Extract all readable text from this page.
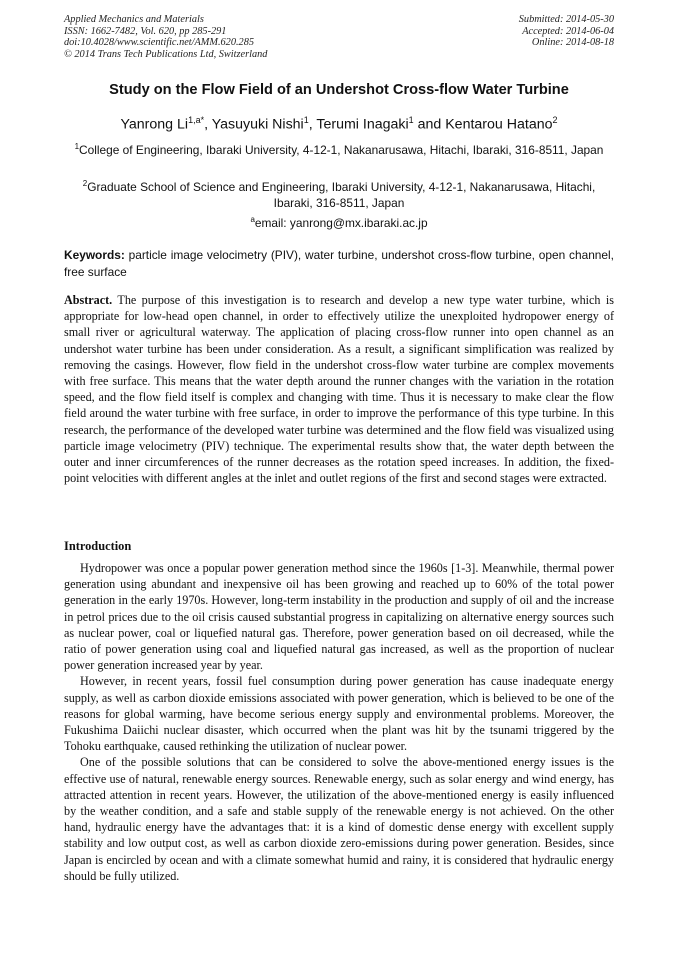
Applied Mechanics and Materials
ISSN: 1662-7482, Vol. 620, pp 285-291
doi:10.4028/www.scientific.net/AMM.620.285
© 2014 Trans Tech Publications Ltd, Switzerland
Submitted: 2014-05-30
Accepted: 2014-06-04
Online: 2014-08-18
Study on the Flow Field of an Undershot Cross-flow Water Turbine
Yanrong $Li^{1,a*}$, Yasuyuki Nishi$^1$, Terumi Inagaki$^1$ and Kentarou Hatano$^2$
$^1$College of Engineering, Ibaraki University, 4-12-1, Nakanarusawa, Hitachi, Ibaraki, 316-8511, Japan
$^2$Graduate School of Science and Engineering, Ibaraki University, 4-12-1, Nakanarusawa, Hitachi, Ibaraki, 316-8511, Japan
$^a$email: yanrong@mx.ibaraki.ac.jp
Keywords: particle image velocimetry (PIV), water turbine, undershot cross-flow turbine, open channel, free surface
Abstract. The purpose of this investigation is to research and develop a new type water turbine, which is appropriate for low-head open channel, in order to effectively utilize the unexploited hydropower energy of small river or agricultural waterway. The application of placing cross-flow runner into open channel as an undershot water turbine has been under consideration. As a result, a significant simplification was realized by removing the casings. However, flow field in the undershot cross-flow water turbine are complex movements with free surface. This means that the water depth around the runner changes with the variation in the rotation speed, and the flow field itself is complex and changing with time. Thus it is necessary to make clear the flow field around the water turbine with free surface, in order to improve the performance of this type turbine. In this research, the performance of the developed water turbine was determined and the flow field was visualized using particle image velocimetry (PIV) technique. The experimental results show that, the water depth between the outer and inner circumferences of the runner decreases as the rotation speed increases. In addition, the fixed-point velocities with different angles at the inlet and outlet regions of the first and second stages were extracted.
Introduction

Hydropower was once a popular power generation method since the 1960s [1-3]. Meanwhile, thermal power generation using abundant and inexpensive oil has been growing and reached up to 60% of the total power generation in the early 1970s. However, long-term instability in the production and supply of oil and the increase in petrol prices due to the oil crisis caused substantial progress in capitalizing on alternative energy sources such as nuclear power, coal or liquefied natural gas. Therefore, power generation based on oil decreased, while the ratio of power generation using coal and liquefied natural gas increased, as well as the proportion of nuclear power generation increased year by year.

However, in recent years, fossil fuel consumption during power generation has cause inadequate energy supply, as well as carbon dioxide emissions associated with power generation, which is believed to be one of the reasons for global warming, have become serious energy supply and environmental problems. Moreover, the Fukushima Daiichi nuclear disaster, which occurred when the plant was hit by the tsunami triggered by the Tohoku earthquake, caused rethinking the utilization of nuclear power.

One of the possible solutions that can be considered to solve the above-mentioned energy issues is the effective use of natural, renewable energy sources. Renewable energy, such as solar energy and wind energy, has attracted attention in recent years. However, the utilization of the above-mentioned energy is easily influenced by the weather condition, and a safe and stable supply of the renewable energy is not achieved. On the other hand, hydraulic energy have the advantages that: it is a kind of domestic dense energy with excellent supply stability and low output cost, as well as carbon dioxide zero-emissions during power generation. Besides, since Japan is encircled by ocean and with a climate somewhat humid and rainy, it is considered that hydraulic energy should be fully utilized.
